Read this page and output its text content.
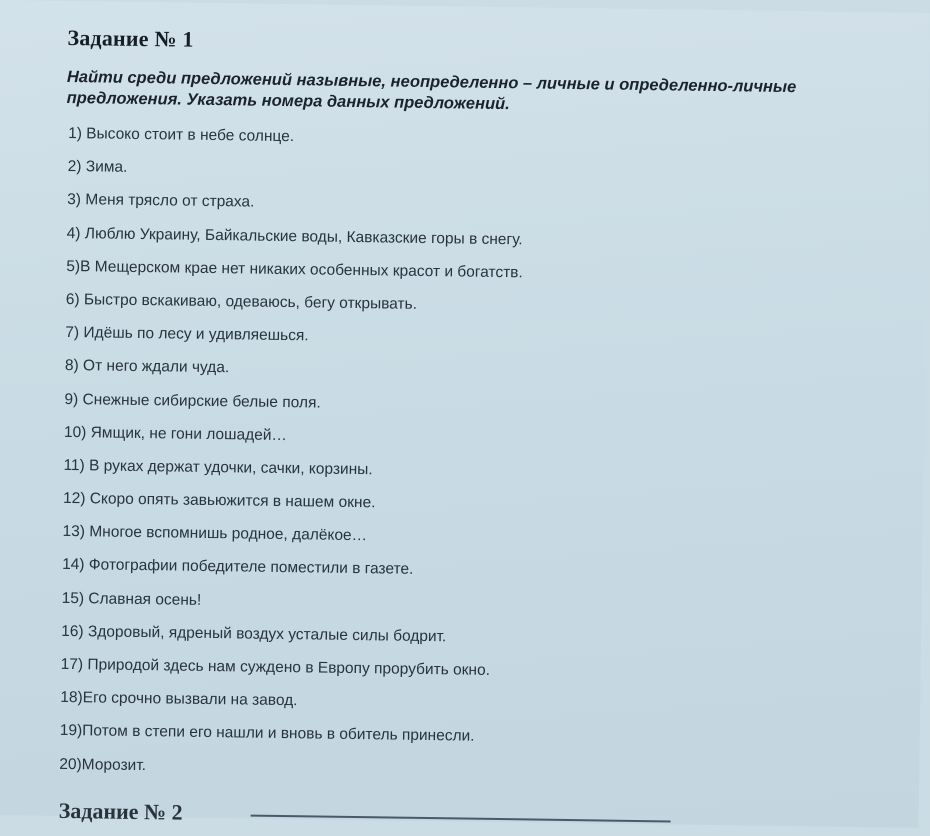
Задание № 1
Найти среди предложений назывные, неопределенно – личные и определенно-личные предложения. Указать номера данных предложений.
1) Высоко стоит в небе солнце.
2) Зима.
3) Меня трясло от страха.
4) Люблю Украину, Байкальские воды, Кавказские горы в снегу.
5)В Мещерском крае нет никаких особенных красот и богатств.
6) Быстро вскакиваю, одеваюсь, бегу открывать.
7) Идёшь по лесу и удивляешься.
8) От него ждали чуда.
9) Снежные сибирские белые поля.
10) Ямщик, не гони лошадей…
11) В руках держат удочки, сачки, корзины.
12) Скоро опять завьюжится в нашем окне.
13) Многое вспомнишь родное, далёкое…
14) Фотографии победителе поместили в газете.
15) Славная осень!
16) Здоровый, ядреный воздух усталые силы бодрит.
17) Природой здесь нам суждено в Европу прорубить окно.
18)Его срочно вызвали на завод.
19)Потом в степи его нашли и вновь в обитель принесли.
20)Морозит.
Задание № 2
